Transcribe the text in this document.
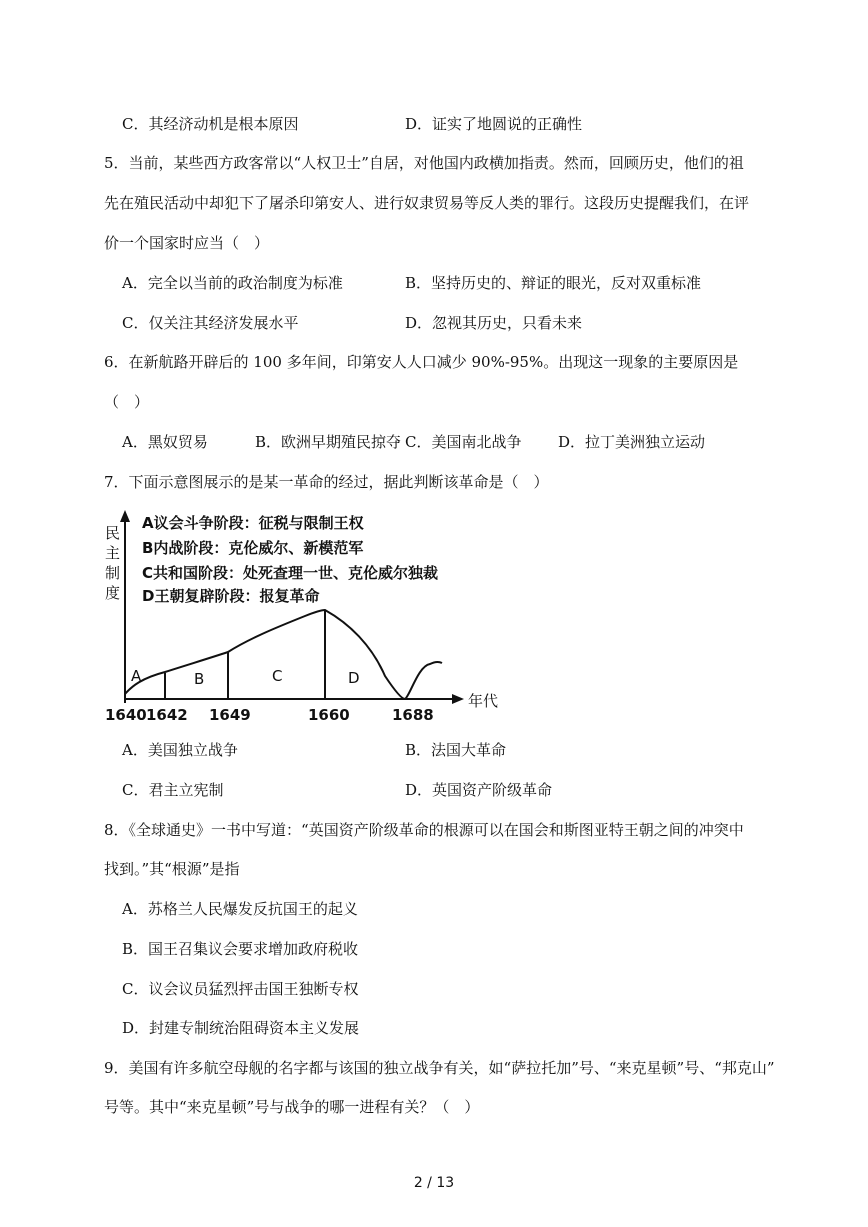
C．其经济动机是根本原因	D．证实了地圆说的正确性
5．当前，某些西方政客常以“人权卫士”自居，对他国内政横加指责。然而，回顾历史，他们的祖
先在殖民活动中却犯下了屠杀印第安人、进行奴隶贸易等反人类的罪行。这段历史提醒我们，在评
价一个国家时应当（　）
A．完全以当前的政治制度为标准	B．坚持历史的、辩证的眼光，反对双重标准
C．仅关注其经济发展水平	D．忽视其历史，只看未来
6．在新航路开辟后的 100 多年间，印第安人人口减少 90%-95%。出现这一现象的主要原因是
（　）
A．黑奴贸易	B．欧洲早期殖民掠夺 C．美国南北战争 D．拉丁美洲独立运动
7．下面示意图展示的是某一革命的经过，据此判断该革命是（　）
民
主
制
度
A议会斗争阶段：征税与限制王权
B内战阶段：克伦威尔、新模范军
C共和国阶段：处死查理一世、克伦威尔独裁
D王朝复辟阶段：报复革命
A	B	C	D
1640 1642 1649	1660	1688
年代
A．美国独立战争	B．法国大革命
C．君主立宪制	D．英国资产阶级革命
8．《全球通史》一书中写道：“英国资产阶级革命的根源可以在国会和斯图亚特王朝之间的冲突中
找到。”其“根源”是指
A．苏格兰人民爆发反抗国王的起义
B．国王召集议会要求增加政府税收
C．议会议员猛烈抨击国王独断专权
D．封建专制统治阻碍资本主义发展
9．美国有许多航空母舰的名字都与该国的独立战争有关，如“萨拉托加”号、“来克星顿”号、“邦克山”
号等。其中“来克星顿”号与战争的哪一进程有关？（　）
2 / 13
